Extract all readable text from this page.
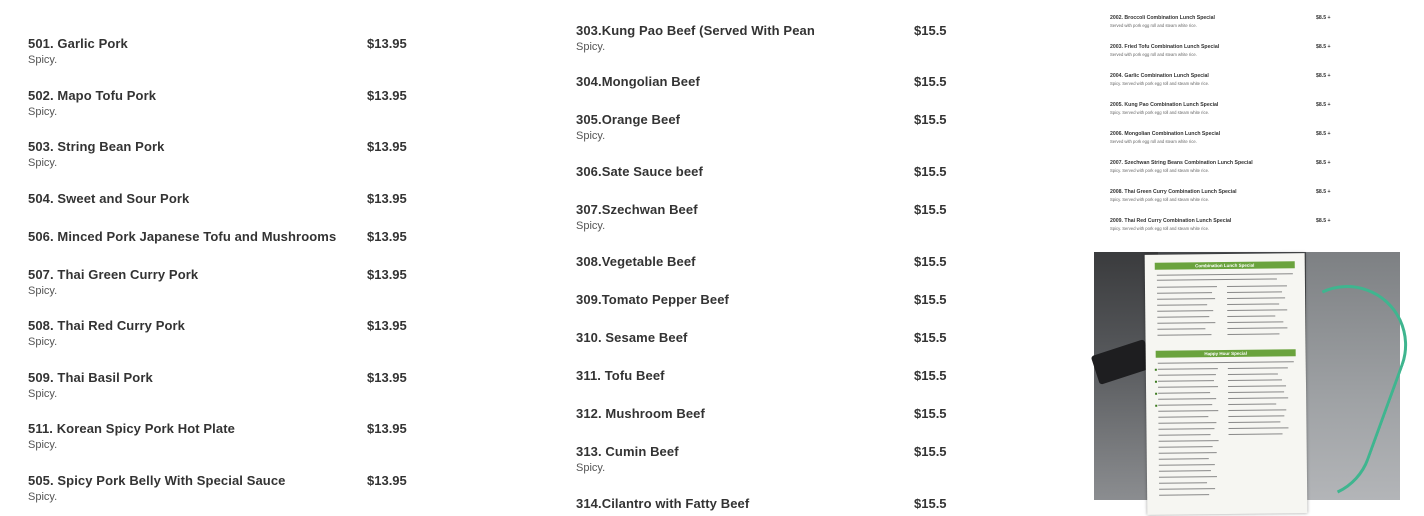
501. Garlic Pork
Spicy.
$13.95
502. Mapo Tofu Pork
Spicy.
$13.95
503. String Bean Pork
Spicy.
$13.95
504. Sweet and Sour Pork	$13.95
506. Minced Pork Japanese Tofu and Mushrooms $13.95
507. Thai Green Curry Pork
Spicy.
$13.95
508. Thai Red Curry Pork
Spicy.
$13.95
509. Thai Basil Pork
Spicy.
$13.95
511. Korean Spicy Pork Hot Plate
Spicy.
$13.95
505. Spicy Pork Belly With Special Sauce
Spicy.
$13.95
303.Kung Pao Beef (Served With Pean
Spicy.
$15.5
304.Mongolian Beef	$15.5
305.Orange Beef
Spicy.
$15.5
306.Sate Sauce beef	$15.5
307.Szechwan Beef
Spicy.
$15.5
308.Vegetable Beef	$15.5
309.Tomato Pepper Beef	$15.5
310. Sesame Beef	$15.5
311. Tofu Beef	$15.5
312. Mushroom Beef	$15.5
313. Cumin Beef
Spicy.
$15.5
314.Cilantro with Fatty Beef	$15.5
2002. Broccoli Combination Lunch Special
Served with pork egg roll and steam white rice.
$8.5 +
2003. Fried Tofu Combination Lunch Special
Served with pork egg roll and steam white rice.
$8.5 +
2004. Garlic Combination Lunch Special
Spicy. Served with pork egg roll and steam white rice.
$8.5 +
2005. Kung Pao Combination Lunch Special
Spicy. Served with pork egg roll and steam white rice.
$8.5 +
2006. Mongolian Combination Lunch Special
Served with pork egg roll and steam white rice.
$8.5 +
2007. Szechwan String Beans Combination Lunch Special
Spicy. Served with pork egg roll and steam white rice.
$8.5 +
2008. Thai Green Curry Combination Lunch Special
Spicy. Served with pork egg roll and steam white rice.
$8.5 +
2009. Thai Red Curry Combination Lunch Special
Spicy. Served with pork egg roll and steam white rice.
$8.5 +
Combination Lunch Special
Happy Hour Special
